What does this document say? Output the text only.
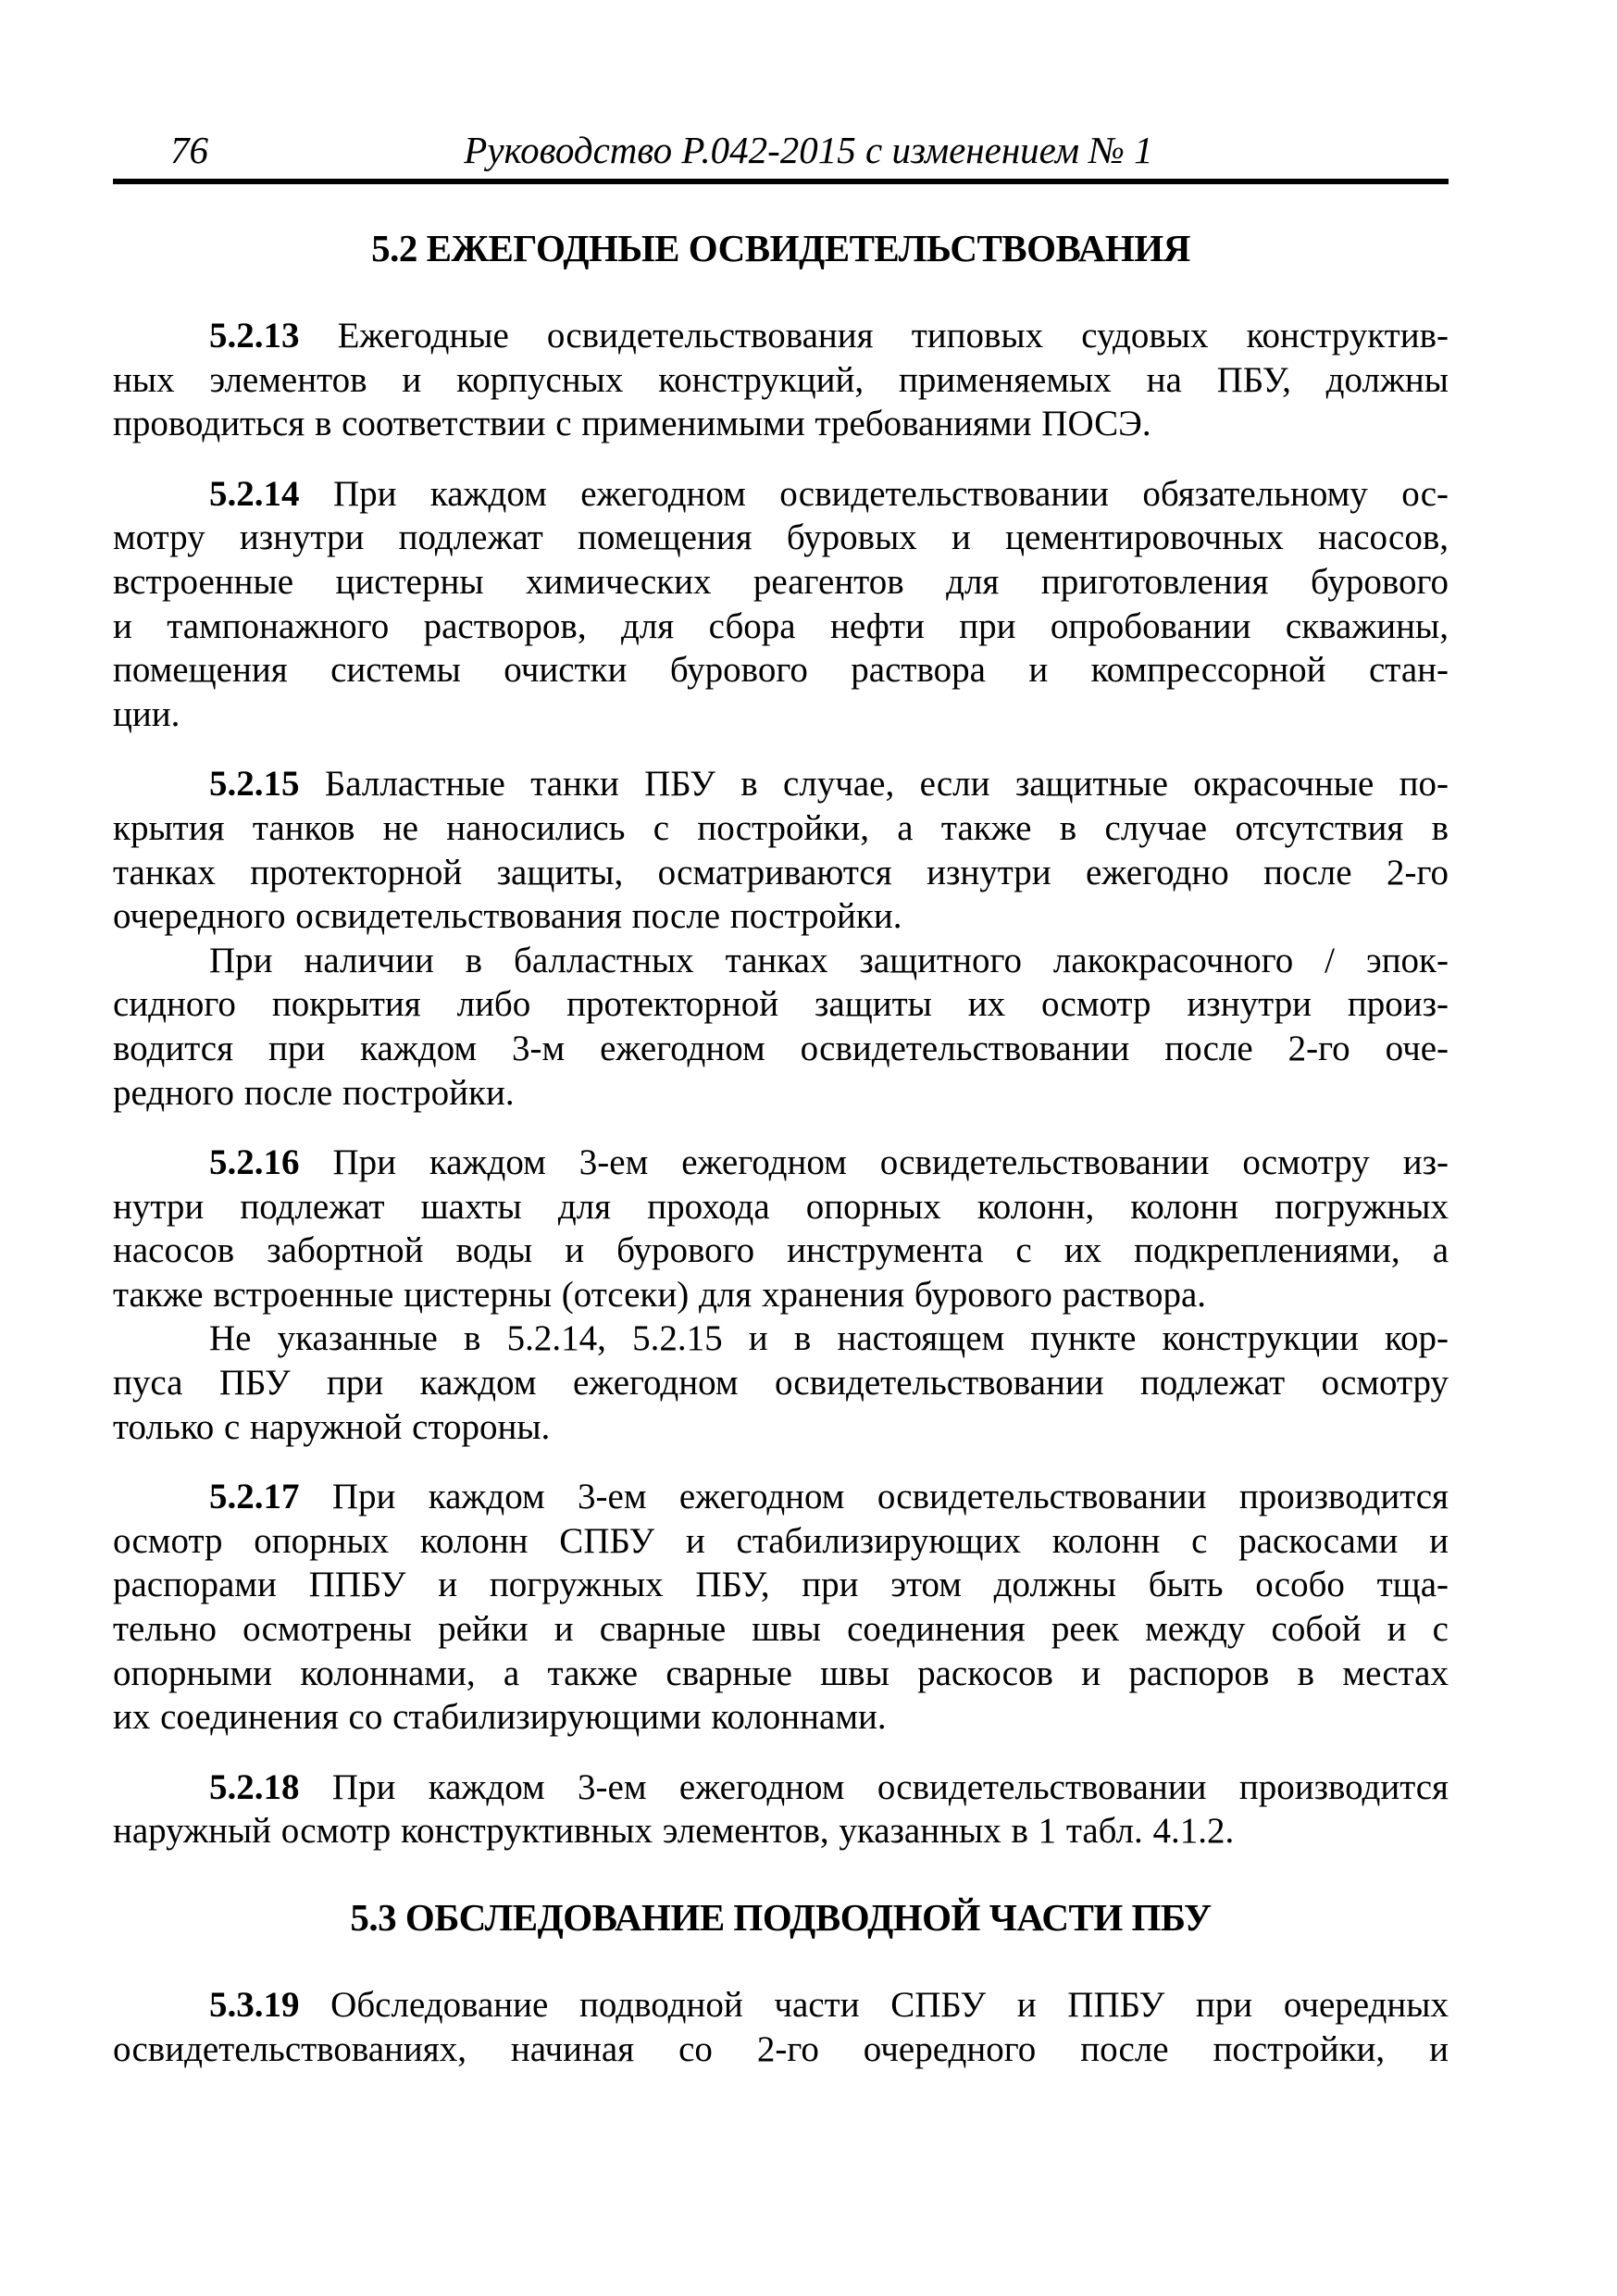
76	Руководство Р.042-2015 с изменением № 1
5.2 ЕЖЕГОДНЫЕ ОСВИДЕТЕЛЬСТВОВАНИЯ
5.2.13 Ежегодные освидетельствования типовых судовых конструктив-
ных элементов и корпусных конструкций, применяемых на ПБУ, должны
проводиться в соответствии с применимыми требованиями ПОСЭ.
5.2.14 При каждом ежегодном освидетельствовании обязательному ос-
мотру изнутри подлежат помещения буровых и цементировочных насосов,
встроенные цистерны химических реагентов для приготовления бурового
и тампонажного растворов, для сбора нефти при опробовании скважины,
помещения системы очистки бурового раствора и компрессорной стан-
ции.
5.2.15 Балластные танки ПБУ в случае, если защитные окрасочные по-
крытия танков не наносились с постройки, а также в случае отсутствия в
танках протекторной защиты, осматриваются изнутри ежегодно после 2-го
очередного освидетельствования после постройки.
При наличии в балластных танках защитного лакокрасочного / эпок-
сидного покрытия либо протекторной защиты их осмотр изнутри произ-
водится при каждом 3-м ежегодном освидетельствовании после 2-го оче-
редного после постройки.
5.2.16 При каждом 3-ем ежегодном освидетельствовании осмотру из-
нутри подлежат шахты для прохода опорных колонн, колонн погружных
насосов забортной воды и бурового инструмента с их подкреплениями, а
также встроенные цистерны (отсеки) для хранения бурового раствора.
Не указанные в 5.2.14, 5.2.15 и в настоящем пункте конструкции кор-
пуса ПБУ при каждом ежегодном освидетельствовании подлежат осмотру
только с наружной стороны.
5.2.17 При каждом 3-ем ежегодном освидетельствовании производится
осмотр опорных колонн СПБУ и стабилизирующих колонн с раскосами и
распорами ППБУ и погружных ПБУ, при этом должны быть особо тща-
тельно осмотрены рейки и сварные швы соединения реек между собой и с
опорными колоннами, а также сварные швы раскосов и распоров в местах
их соединения со стабилизирующими колоннами.
5.2.18 При каждом 3-ем ежегодном освидетельствовании производится
наружный осмотр конструктивных элементов, указанных в 1 табл. 4.1.2.
5.3 ОБСЛЕДОВАНИЕ ПОДВОДНОЙ ЧАСТИ ПБУ
5.3.19 Обследование подводной части СПБУ и ППБУ при очередных
освидетельствованиях, начиная со 2-го очередного после постройки, и
